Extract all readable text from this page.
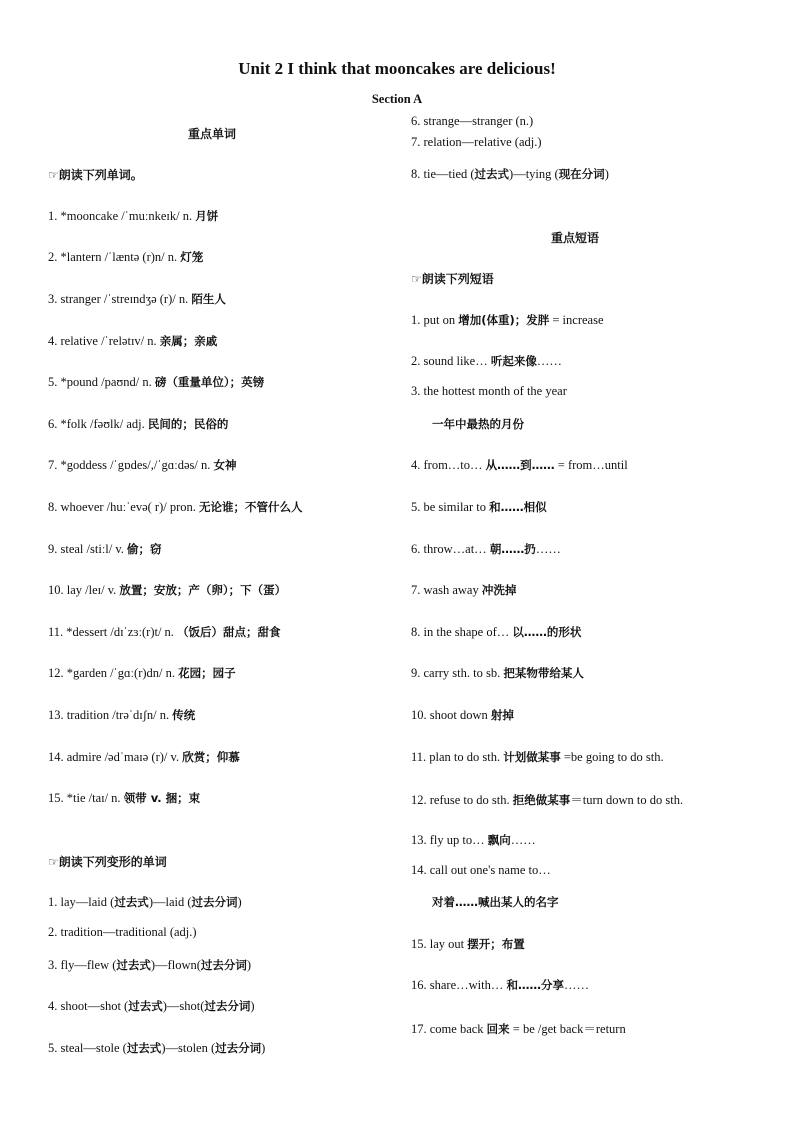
Unit 2 I think that mooncakes are delicious!
Section A
重点单词
☞朗读下列单词。
1. *mooncake /ˈmuːnkeɪk/ n. 月饼
2. *lantern /ˈlæntə (r)n/ n. 灯笼
3. stranger /ˈstreɪndʒə (r)/ n. 陌生人
4. relative /ˈrelətɪv/ n. 亲属；亲戚
5. *pound /paʊnd/ n. 磅（重量单位）；英镑
6. *folk /fəʊlk/ adj. 民间的；民俗的
7. *goddess /ˈgɒdes/,/ˈgɑːdəs/ n. 女神
8. whoever /huːˈevə( r)/ pron. 无论谁；不管什么人
9. steal /stiːl/ v. 偷；窃
10. lay /leɪ/ v. 放置；安放；产（卵）；下（蛋）
11. *dessert /dɪˈzɜː(r)t/ n. （饭后）甜点；甜食
12. *garden /ˈgɑː(r)dn/ n. 花园；园子
13. tradition /trəˈdɪʃn/ n. 传统
14. admire /ədˈmaɪə (r)/ v. 欣赏；仰慕
15. *tie /taɪ/ n. 领带 v. 捆；束
☞朗读下列变形的单词
1. lay—laid (过去式)—laid (过去分词)
2. tradition—traditional (adj.)
3. fly—flew (过去式)—flown(过去分词)
4. shoot—shot (过去式)—shot(过去分词)
5. steal—stole (过去式)—stolen (过去分词)
6. strange—stranger (n.)
7. relation—relative (adj.)
8. tie—tied (过去式)—tying (现在分词)
重点短语
☞朗读下列短语
1. put on 增加(体重)；发胖 = increase
2. sound like… 听起来像……
3. the hottest month of the year
一年中最热的月份
4. from…to… 从……到…… = from…until
5. be similar to 和……相似
6. throw…at… 朝……扔……
7. wash away 冲洗掉
8. in the shape of… 以……的形状
9. carry sth. to sb. 把某物带给某人
10. shoot down 射掉
11. plan to do sth. 计划做某事 =be going to do sth.
12. refuse to do sth. 拒绝做某事＝turn down to do sth.
13. fly up to… 飘向……
14. call out one's name to…
对着……喊出某人的名字
15. lay out 摆开；布置
16. share…with… 和……分享……
17. come back 回来 = be /get back＝return
